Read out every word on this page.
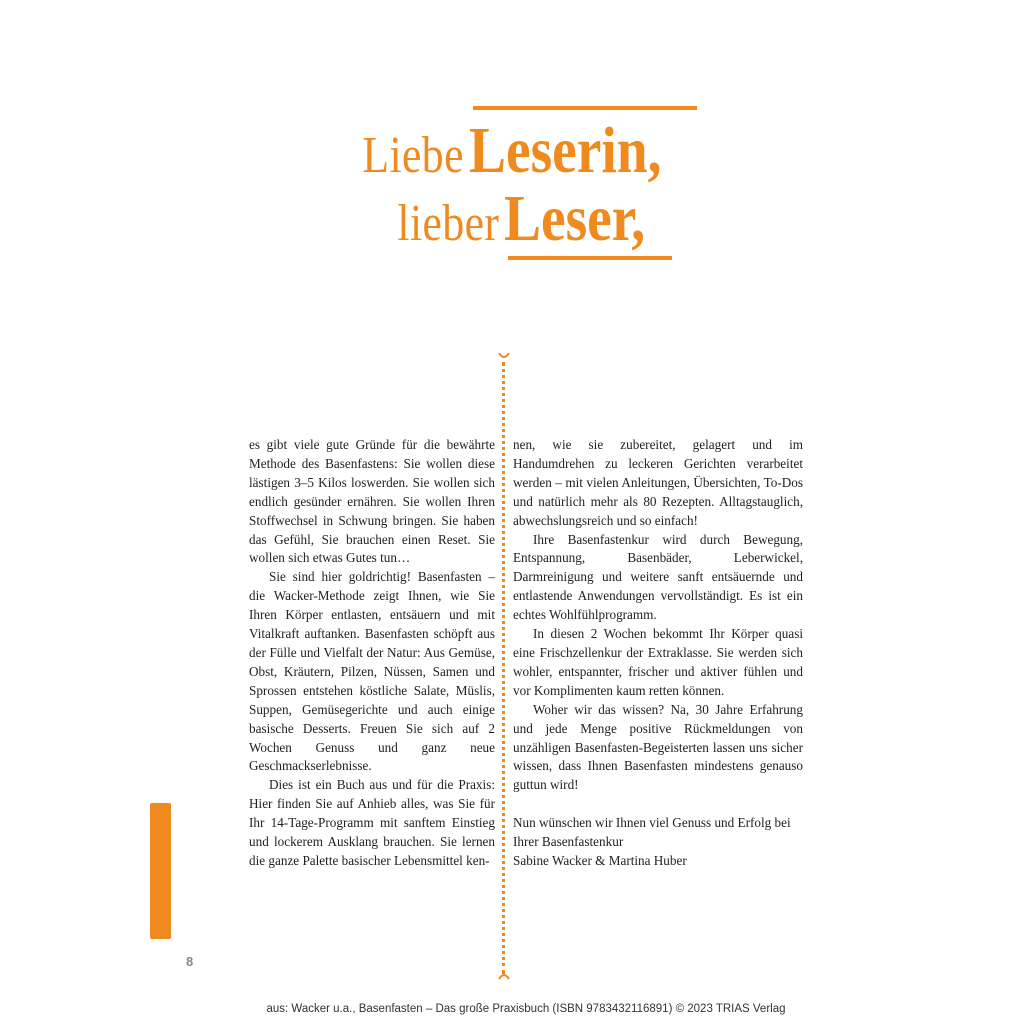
Liebe Leserin,
lieber Leser,

es gibt viele gute Gründe für die bewährte Methode des Basenfastens: Sie wollen diese lästigen 3–5 Kilos loswerden. Sie wollen sich endlich gesünder ernähren. Sie wollen Ihren Stoffwechsel in Schwung bringen. Sie haben das Gefühl, Sie brauchen einen Reset. Sie wollen sich etwas Gutes tun…

Sie sind hier goldrichtig! Basenfasten – die Wacker-Methode zeigt Ihnen, wie Sie Ihren Körper entlasten, entsäuern und mit Vitalkraft auftanken. Basenfasten schöpft aus der Fülle und Vielfalt der Natur: Aus Gemüse, Obst, Kräutern, Pilzen, Nüssen, Samen und Sprossen entstehen köstliche Salate, Müslis, Suppen, Gemüsegerichte und auch einige basische Desserts. Freuen Sie sich auf 2 Wochen Genuss und ganz neue Geschmackserlebnisse.

Dies ist ein Buch aus und für die Praxis: Hier finden Sie auf Anhieb alles, was Sie für Ihr 14-Tage-Programm mit sanftem Einstieg und lockerem Ausklang brauchen. Sie lernen die ganze Palette basischer Lebensmittel ken-

nen, wie sie zubereitet, gelagert und im Handumdrehen zu leckeren Gerichten verarbeitet werden – mit vielen Anleitungen, Übersichten, To-Dos und natürlich mehr als 80 Rezepten. Alltagstauglich, abwechslungsreich und so einfach!

Ihre Basenfastenkur wird durch Bewegung, Entspannung, Basenbäder, Leberwickel, Darmreinigung und weitere sanft entsäuernde und entlastende Anwendungen vervollständigt. Es ist ein echtes Wohlfühlprogramm.

In diesen 2 Wochen bekommt Ihr Körper quasi eine Frischzellenkur der Extraklasse. Sie werden sich wohler, entspannter, frischer und aktiver fühlen und vor Komplimenten kaum retten können.

Woher wir das wissen? Na, 30 Jahre Erfahrung und jede Menge positive Rückmeldungen von unzähligen Basenfasten-Begeisterten lassen uns sicher wissen, dass Ihnen Basenfasten mindestens genauso guttun wird!

Nun wünschen wir Ihnen viel Genuss und Erfolg bei Ihrer Basenfastenkur

Sabine Wacker & Martina Huber

8
aus: Wacker u.a., Basenfasten – Das große Praxisbuch (ISBN 9783432116891) © 2023 TRIAS Verlag
